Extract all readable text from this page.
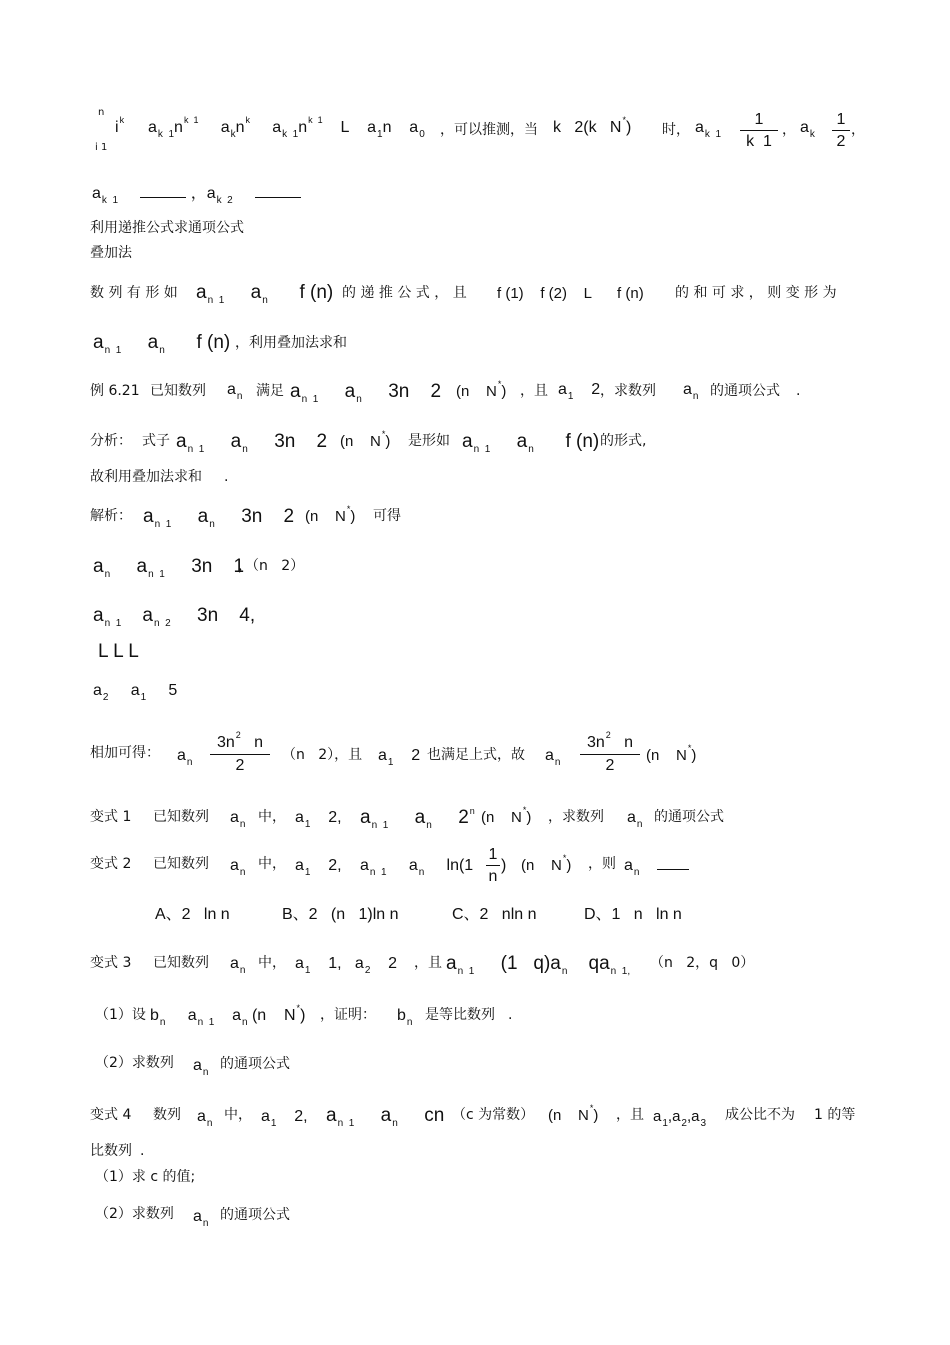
n
$i^k$
i 1
$a_{k 1}n^{k 1}$ $a_kn^k$     $a_{k 1}n^{k 1}$ L    $a_1n$    $a_0$ ，可以推测，当 k   2(k   N*) 时， $a_{k 1} \frac{1}{k 1}$ ， $a_k \frac{1}{2}$ ，
$a_{k 1}$	，$a_{k 2}$
利用递推公式求通项公式
叠加法
数 列 有 形 如 $a_{n 1}$     $a_n$      f (n) 的 递 推 公 式 ， 且 f (1)    f (2)    L      f (n) 的 和 可 求 ， 则 变 形 为
$a_{n 1}$     $a_n$      f (n) ，利用叠加法求和
例 6.21 已知数列 $a_n$ 满足 $a_{n 1}$     $a_n$     3n    2 (n    N*) ，且 $a_1$    2 ，求数列 $a_n$ 的通项公式 .
分析： 式子 $a_{n 1}$     $a_n$     3n    2 (n    N*) 是形如 $a_{n 1}$     $a_n$      f (n) 的形式,
故利用叠加法求和 .
解析： $a_{n 1}$     $a_n$     3n    2 (n    N*) 可得
$a_n$     $a_{n 1}$     3n    1
，（n   2）
$a_{n 1}$    $a_{n 2}$     3n    4,
L L L
$a_2$     $a_1$     5
相加可得： $a_n \frac{3n^2 n}{2} (n$   2），且 $a_1$    2 也满足上式，故 $a_n \frac{3n^2 n}{2} (n$    N*)
变式 1 已知数列 $a_n$ 中， $a_1$    2, $a_{n 1}$     $a_n$     2$^n$ (n    N*) ，求数列 $a_n$ 的通项公式
变式 2 已知数列 $a_n$
中， $a_1$    2, $a_{n 1}$     $a_n$     $\ln(1 \frac{1}{n}$ ) (n    N*) ，则 $a_n$
A、2   ln n	B、2   (n   1)ln n	C、2   nln n	D、1   n   ln n
变式 3 已知数列 $a_n$ 中， $a_1$    1,   $a_2$    2 ，且 $a_{n 1}$     (1   $q)a_n$    $qa_{n 1,}$
（n   2，q   0）
（1）设 $b_n$     $a_{n 1}$    $a_n$ (n    N*) ，证明： $b_n$ 是等比数列 .
（2）求数列 $a_n$
的通项公式
变式 4 数列 $a_n$
中， $a_1$    2, $a_{n 1}$     $a_n$ cn （c 为常数） (n    N*) ，且 $a_1,a_2,a_3$
成公比不为 1 的等
比数列 .
（1）求 c 的值;
（2）求数列 $a_n$
的通项公式
